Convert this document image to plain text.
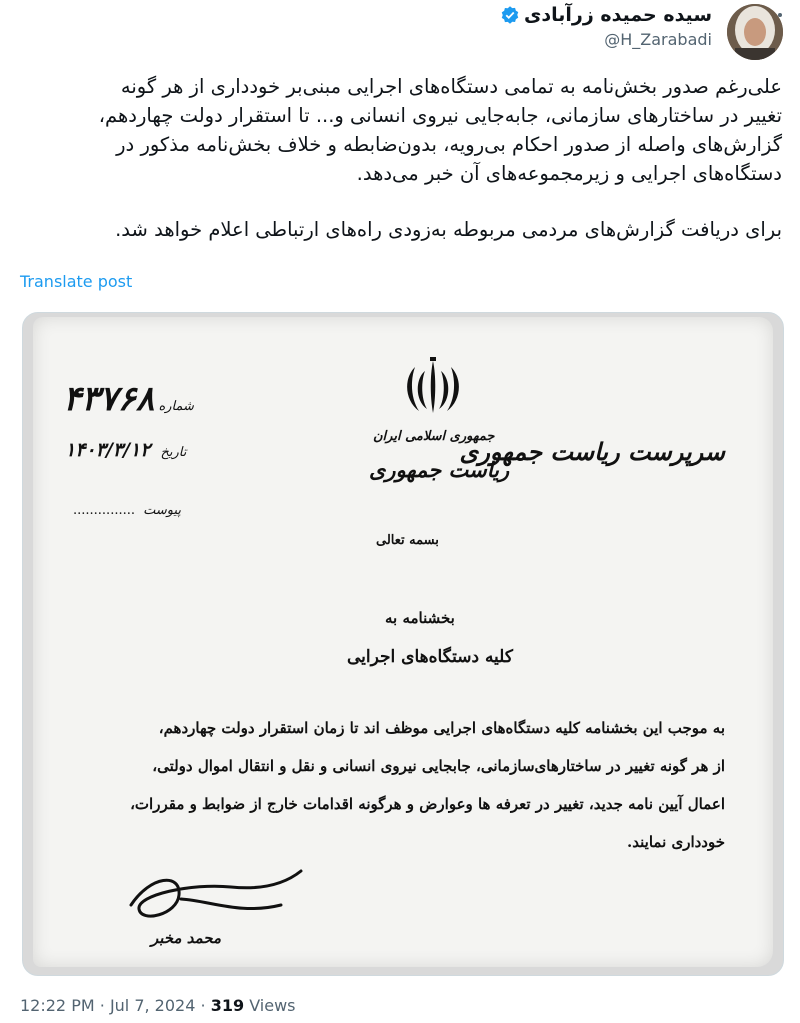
سیده حمیده زرآبادی
@H_Zarabadi

علی‌رغم صدور بخش‌نامه به تمامی دستگاه‌های اجرایی مبنی‌بر خودداری از هر گونه

تغییر در ساختارهای سازمانی، جابه‌جایی نیروی انسانی و... تا استقرار دولت چهاردهم،

گزارش‌های واصله از صدور احکام بی‌رویه، بدون‌ضابطه و خلاف بخش‌نامه مذکور در

دستگاه‌های اجرایی و زیرمجموعه‌های آن خبر می‌دهد.

برای دریافت گزارش‌های مردمی مربوطه به‌زودی راه‌های ارتباطی اعلام خواهد شد.

Translate post
۴۳۷۶۸ شماره
۱۴۰۳/۳/۱۲ تاریخ
............... پیوست
جمهوری اسلامی ایران
ریاست جمهوری
سرپرست ریاست جمهوری
بسمه تعالی
بخشنامه به
کلیه دستگاه‌های اجرایی
به موجب این بخشنامه کلیه دستگاه‌های اجرایی موظف اند تا زمان استقرار دولت چهاردهم،
از هر گونه تغییر در ساختارهای‌سازمانی، جابجایی نیروی انسانی و نقل و انتقال اموال دولتی،
اعمال آیین نامه جدید، تغییر در تعرفه ها وعوارض و هرگونه اقدامات خارج از ضوابط و مقررات،
خودداری نمایند.
محمد مخبر
12:22 PM · Jul 7, 2024 · 319 Views
